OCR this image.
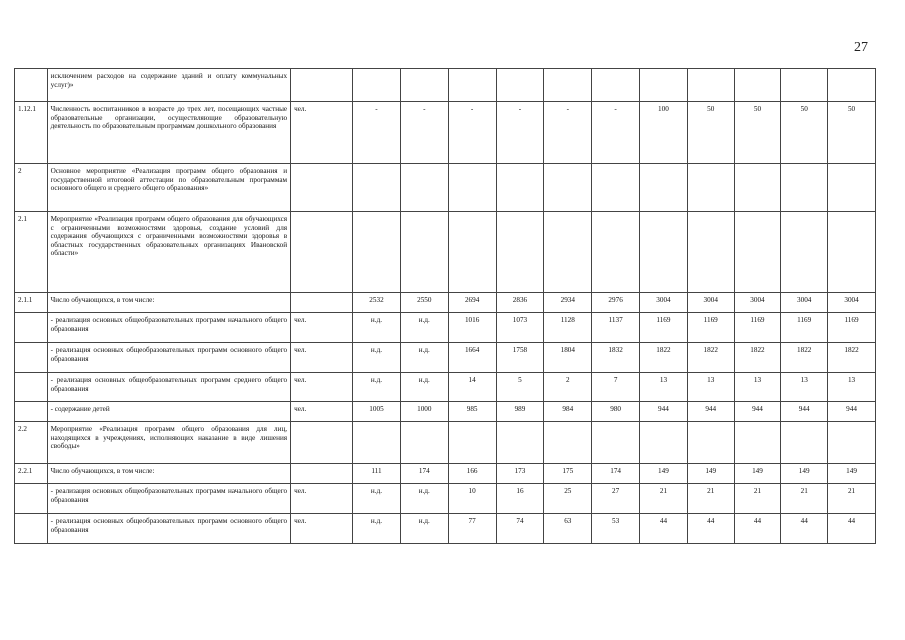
27
	исключением расходов на содержание зданий и оплату коммунальных услуг)»												
1.12.1	Численность воспитанников в возрасте до трех лет, посещающих частные образовательные организации, осуществляющие образовательную деятельность по образовательным программам дошкольного образования	чел.	-	-	-	-	-	-	100	50	50	50	50
2	Основное мероприятие «Реализация программ общего образования и государственной итоговой аттестации по образовательным программам основного общего и среднего общего образования»												
2.1	Мероприятие «Реализация программ общего образования для обучающихся с ограниченными возможностями здоровья, создание условий для содержания обучающихся с ограниченными возможностями здоровья в областных государственных образовательных организациях Ивановской области»												
2.1.1	Число обучающихся, в том числе:		2532	2550	2694	2836	2934	2976	3004	3004	3004	3004	3004
	- реализация основных общеобразовательных программ начального общего образования	чел.	н.д.	н.д.	1016	1073	1128	1137	1169	1169	1169	1169	1169
	- реализация основных общеобразовательных программ основного общего образования	чел.	н.д.	н.д.	1664	1758	1804	1832	1822	1822	1822	1822	1822
	- реализация основных общеобразовательных программ среднего общего образования	чел.	н.д.	н.д.	14	5	2	7	13	13	13	13	13
	- содержание детей	чел.	1005	1000	985	989	984	980	944	944	944	944	944
2.2	Мероприятие «Реализация программ общего образования для лиц, находящихся в учреждениях, исполняющих наказание в виде лишения свободы»												
2.2.1	Число обучающихся, в том числе:		111	174	166	173	175	174	149	149	149	149	149
	- реализация основных общеобразовательных программ начального общего образования	чел.	н.д.	н.д.	10	16	25	27	21	21	21	21	21
	- реализация основных общеобразовательных программ основного общего образования	чел.	н.д.	н.д.	77	74	63	53	44	44	44	44	44
